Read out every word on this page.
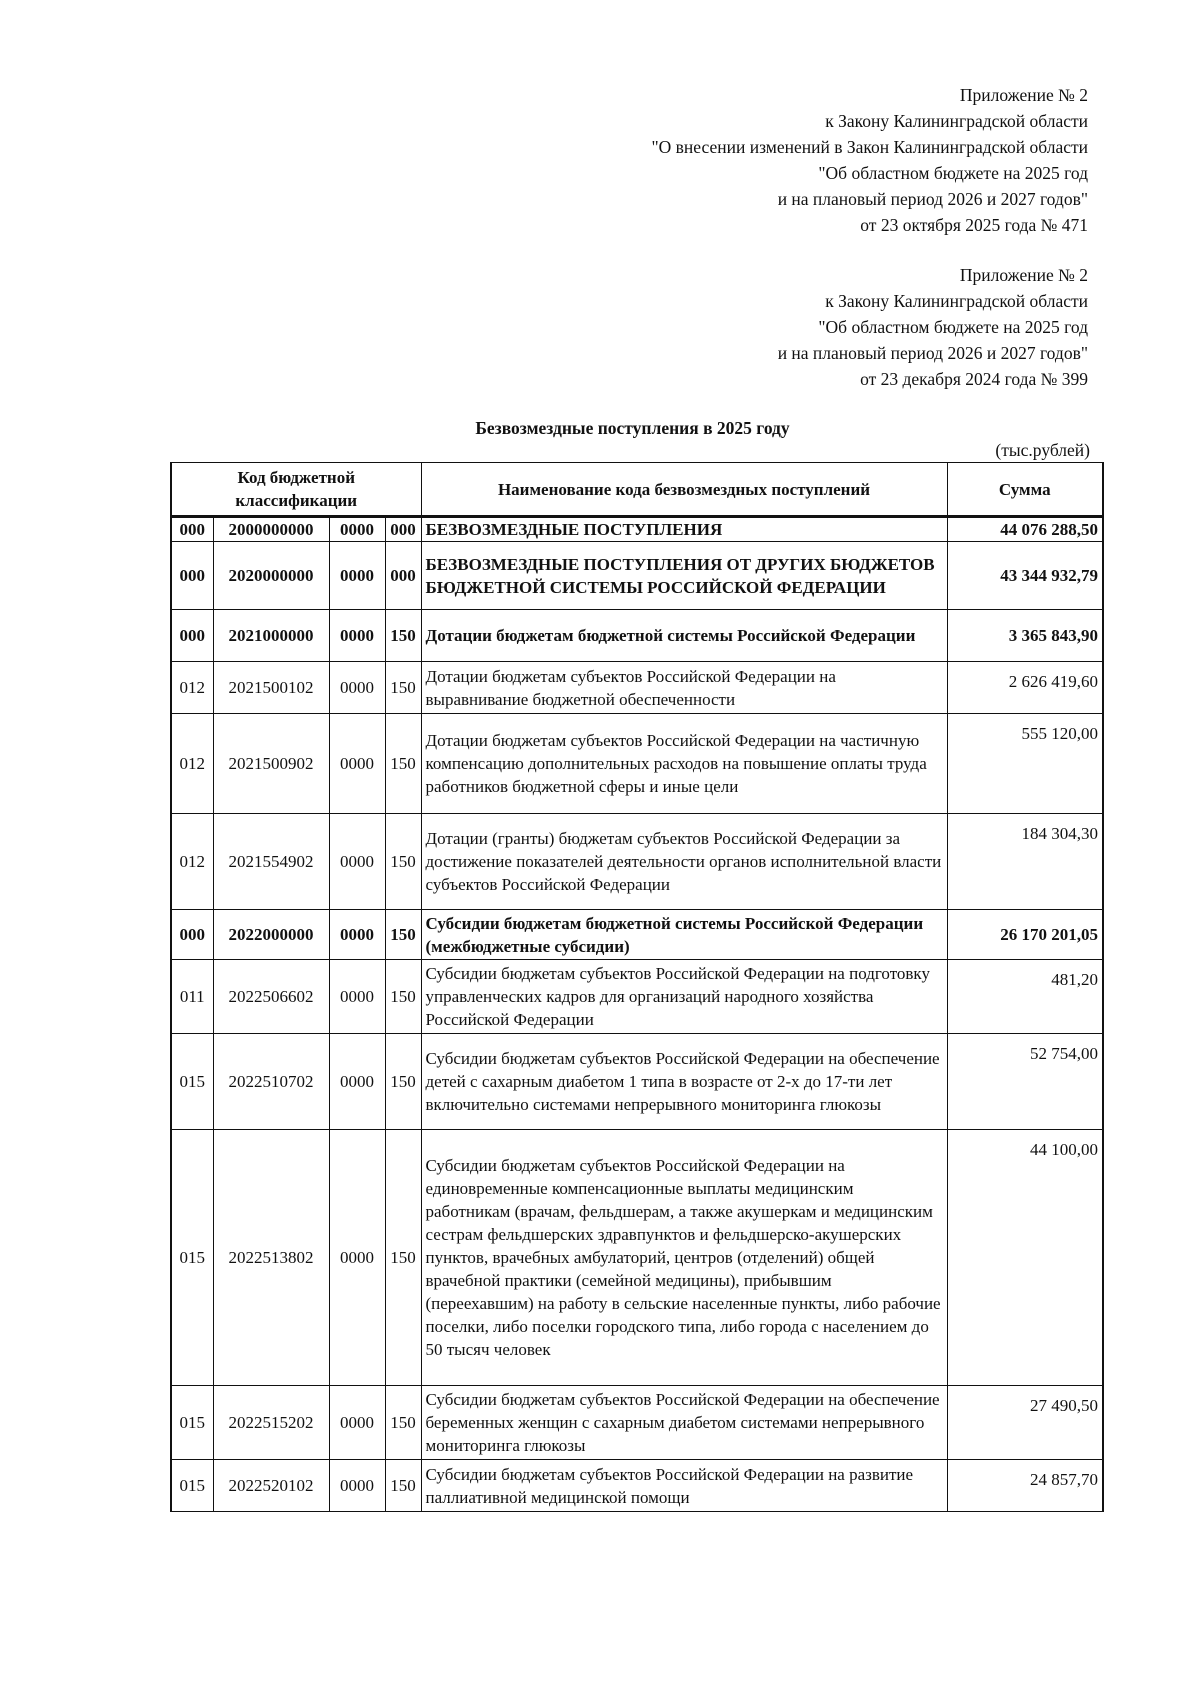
Приложение № 2
к Закону Калининградской области
"О внесении изменений в Закон Калининградской области
"Об областном бюджете на 2025 год
и на плановый период 2026 и 2027 годов"
от 23 октября 2025 года № 471
Приложение № 2
к Закону Калининградской области
"Об областном бюджете на 2025 год
и на плановый период 2026 и 2027 годов"
от 23 декабря 2024 года № 399
Безвозмездные поступления в 2025 году
(тыс.рублей)
Код бюджетной классификации				Наименование кода безвозмездных поступлений	Сумма
000	2000000000	0000	000	БЕЗВОЗМЕЗДНЫЕ ПОСТУПЛЕНИЯ	44 076 288,50
000	2020000000	0000	000	БЕЗВОЗМЕЗДНЫЕ ПОСТУПЛЕНИЯ ОТ ДРУГИХ БЮДЖЕТОВ БЮДЖЕТНОЙ СИСТЕМЫ РОССИЙСКОЙ ФЕДЕРАЦИИ	43 344 932,79
000	2021000000	0000	150	Дотации бюджетам бюджетной системы Российской Федерации	3 365 843,90
012	2021500102	0000	150	Дотации бюджетам субъектов Российской Федерации на выравнивание бюджетной обеспеченности	2 626 419,60
012	2021500902	0000	150	Дотации бюджетам субъектов Российской Федерации на частичную компенсацию дополнительных расходов на повышение оплаты труда работников бюджетной сферы и иные цели	555 120,00
012	2021554902	0000	150	Дотации (гранты) бюджетам субъектов Российской Федерации за достижение показателей деятельности органов исполнительной власти субъектов Российской Федерации	184 304,30
000	2022000000	0000	150	Субсидии бюджетам бюджетной системы Российской Федерации (межбюджетные субсидии)	26 170 201,05
011	2022506602	0000	150	Субсидии бюджетам субъектов Российской Федерации на подготовку управленческих кадров для организаций народного хозяйства Российской Федерации	481,20
015	2022510702	0000	150	Субсидии бюджетам субъектов Российской Федерации на обеспечение детей с сахарным диабетом 1 типа в возрасте от 2-х до 17-ти лет включительно системами непрерывного мониторинга глюкозы	52 754,00
015	2022513802	0000	150	Субсидии бюджетам субъектов Российской Федерации на единовременные компенсационные выплаты медицинским работникам (врачам, фельдшерам, а также акушеркам и медицинским сестрам фельдшерских здравпунктов и фельдшерско-акушерских пунктов, врачебных амбулаторий, центров (отделений) общей врачебной практики (семейной медицины), прибывшим (переехавшим) на работу в сельские населенные пункты, либо рабочие поселки, либо поселки городского типа, либо города с населением до 50 тысяч человек	44 100,00
015	2022515202	0000	150	Субсидии бюджетам субъектов Российской Федерации на обеспечение беременных женщин с сахарным диабетом системами непрерывного мониторинга глюкозы	27 490,50
015	2022520102	0000	150	Субсидии бюджетам субъектов Российской Федерации на развитие паллиативной медицинской помощи	24 857,70
